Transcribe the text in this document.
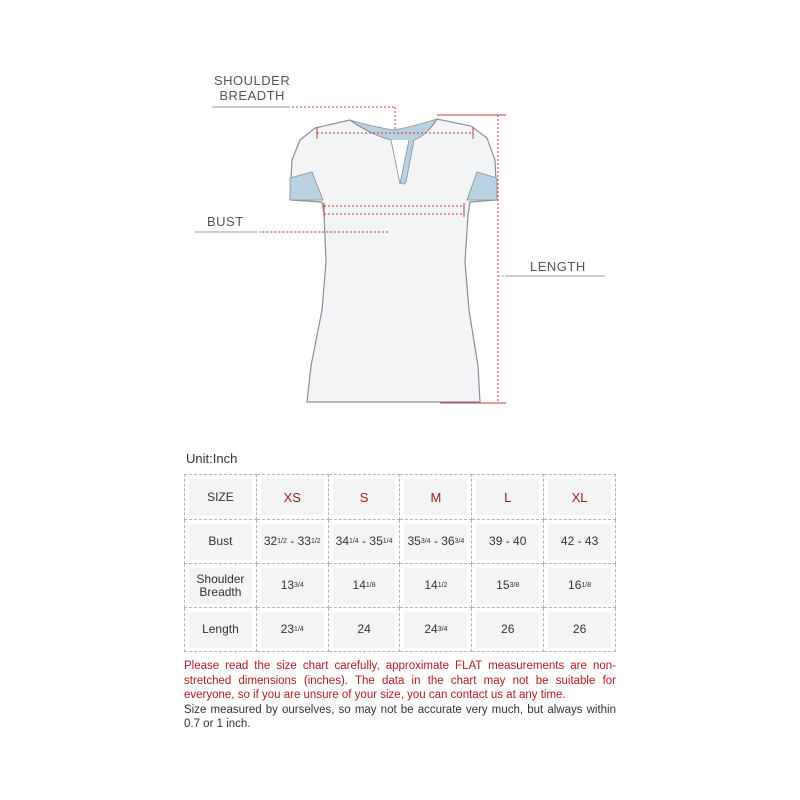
SHOULDER
BREADTH
BUST
LENGTH
Unit:Inch
SIZE	XS	S	M	L	XL

Bust	32 1/2 - 33 1/2	34 1/4 - 35 1/4	35 3/4 - 36 3/4	39 - 40	42 - 43

Shoulder
Breadth	13 3/4	14 1/8	14 1/2	15 3/8	16 1/8

Length	23 1/4	24	24 3/4	26	26

Please read the size chart carefully, approximate FLAT measurements are non-stretched dimensions (inches). The data in the chart may not be suitable for everyone, so if you are unsure of your size, you can contact us at any time.

Size measured by ourselves, so may not be accurate very much, but always within 0.7 or 1 inch.
